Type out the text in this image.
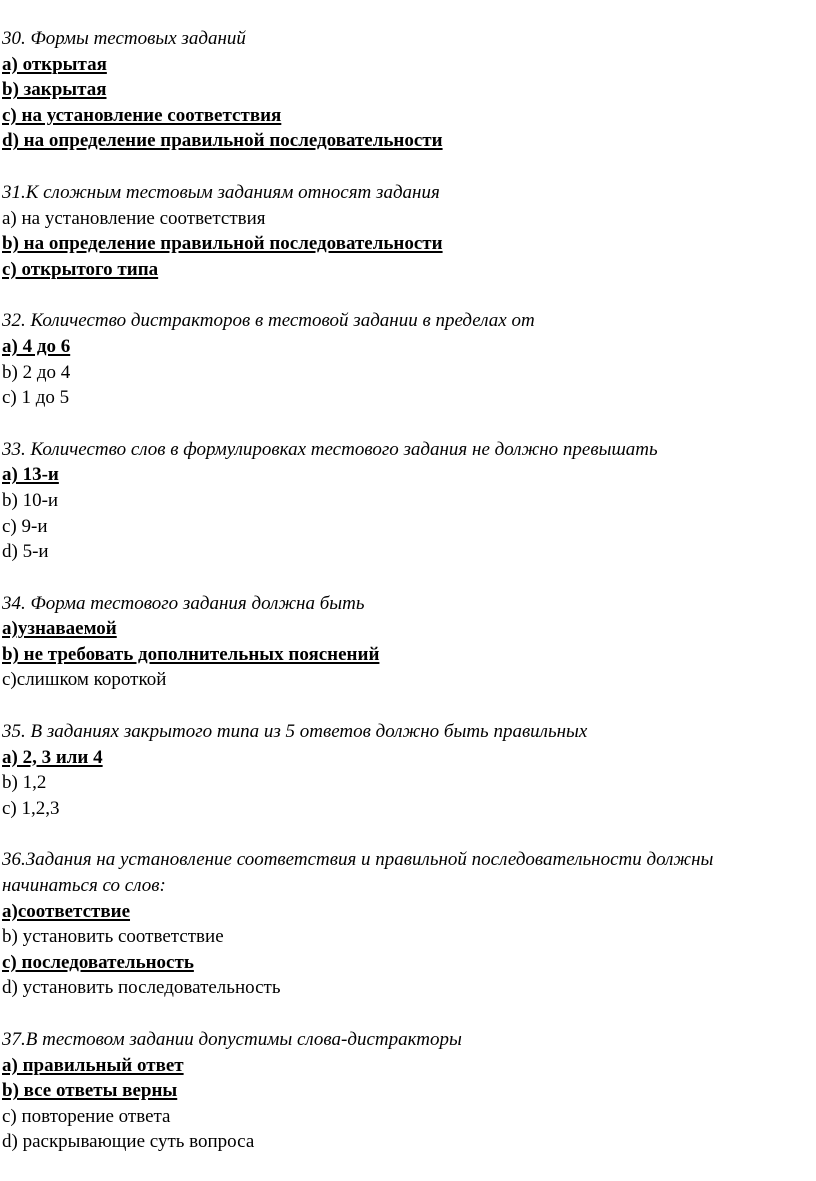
30. Формы тестовых заданий
a) открытая
b) закрытая
c) на установление соответствия
d) на определение правильной последовательности
31.К сложным тестовым заданиям относят задания
a) на установление соответствия
b) на определение правильной последовательности
c) открытого типа
32. Количество дистракторов в тестовой задании в пределах от
a) 4 до 6
b) 2 до 4
c) 1 до 5
33. Количество слов в формулировках тестового задания не должно превышать
a) 13-и
b) 10-и
c) 9-и
d) 5-и
34. Форма тестового задания должна быть
a)узнаваемой
b) не требовать дополнительных пояснений
c)слишком короткой
35. В заданиях закрытого типа из 5 ответов должно быть правильных
a) 2, 3 или 4
b) 1,2
c) 1,2,3
36.Задания на установление соответствия и правильной последовательности должны начинаться со слов:
a)соответствие
b) установить соответствие
c) последовательность
d) установить последовательность
37.В тестовом задании допустимы слова-дистракторы
a) правильный ответ
b) все ответы верны
c) повторение ответа
d) раскрывающие суть вопроса
